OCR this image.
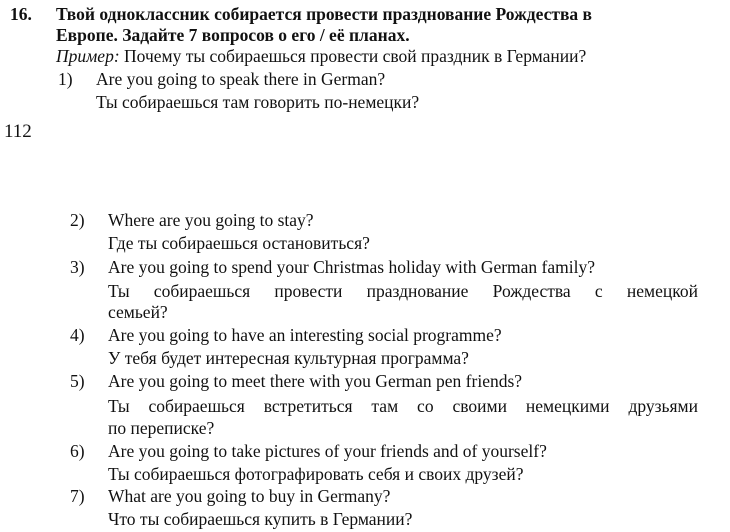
16. Твой одноклассник собирается провести празднование Рождества в
Европе. Задайте 7 вопросов о его / её планах.
Пример: Почему ты собираешься провести свой праздник в Германии?
1) Are you going to speak there in German?
Ты собираешься там говорить по-немецки?
112
2) Where are you going to stay?
Где ты собираешься остановиться?
3) Are you going to spend your Christmas holiday with German family?
Ты собираешься провести празднование Рождества с немецкой
семьей?
4) Are you going to have an interesting social programme?
У тебя будет интересная культурная программа?
5) Are you going to meet there with you German pen friends?
Ты собираешься встретиться там со своими немецкими друзьями
по переписке?
6) Are you going to take pictures of your friends and of yourself?
Ты собираешься фотографировать себя и своих друзей?
7) What are you going to buy in Germany?
Что ты собираешься купить в Германии?
